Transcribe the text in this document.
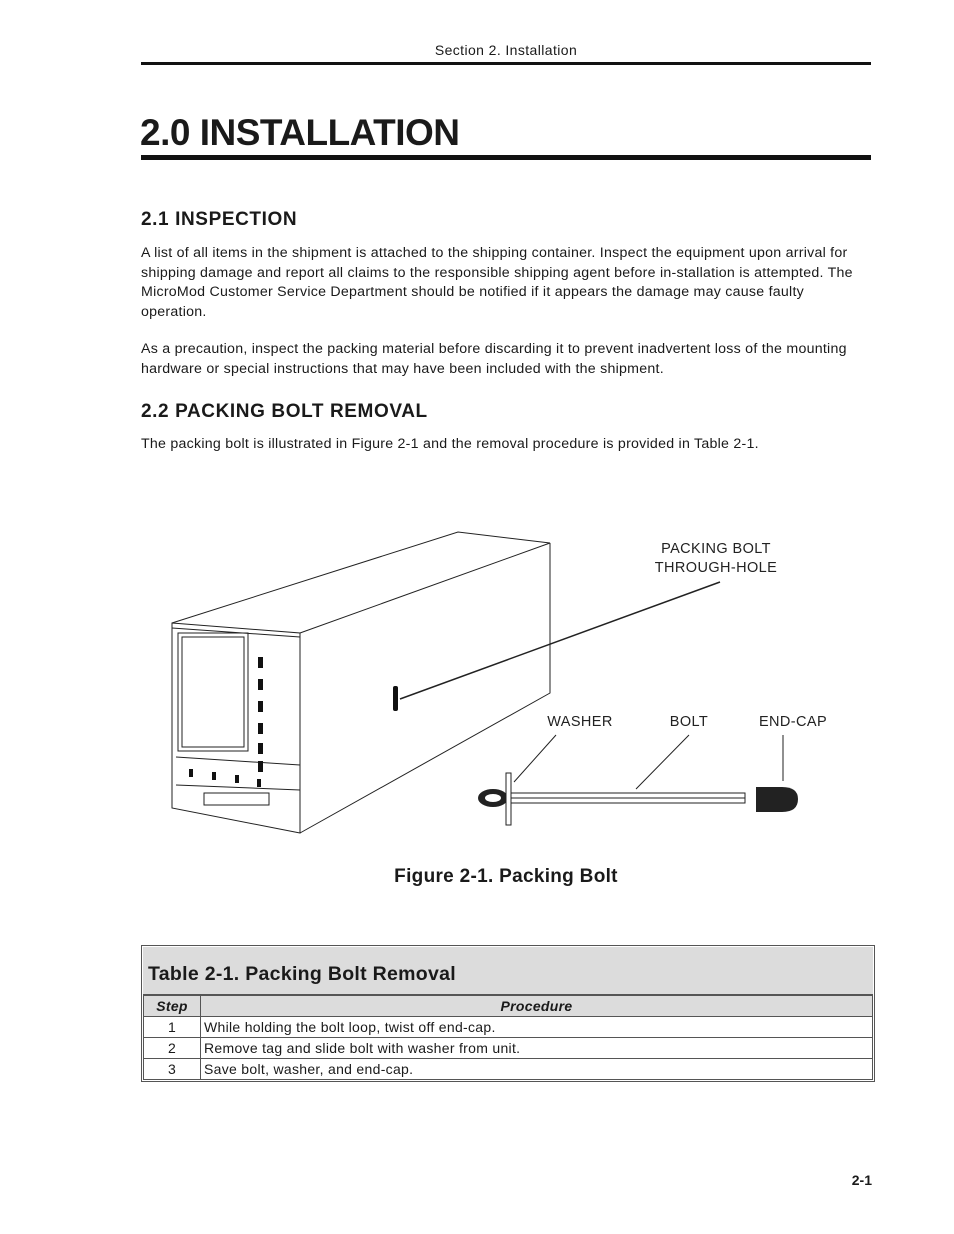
Section 2. Installation
2.0 INSTALLATION
2.1 INSPECTION

A list of all items in the shipment is attached to the shipping container. Inspect the equipment upon arrival for shipping damage and report all claims to the responsible shipping agent before in-stallation is attempted. The MicroMod Customer Service Department should be notified if it appears the damage may cause faulty operation.

As a precaution, inspect the packing material before discarding it to prevent inadvertent loss of the mounting hardware or special instructions that may have been included with the shipment.

2.2 PACKING BOLT REMOVAL

The packing bolt is illustrated in Figure 2-1 and the removal procedure is provided in Table 2-1.

PACKING BOLT
THROUGH-HOLE
WASHER	BOLT	END-CAP
Figure 2-1. Packing Bolt
Table 2-1. Packing Bolt Removal
Step	Procedure
1	While holding the bolt loop, twist off end-cap.
2	Remove tag and slide bolt with washer from unit.
3	Save bolt, washer, and end-cap.
2-1
